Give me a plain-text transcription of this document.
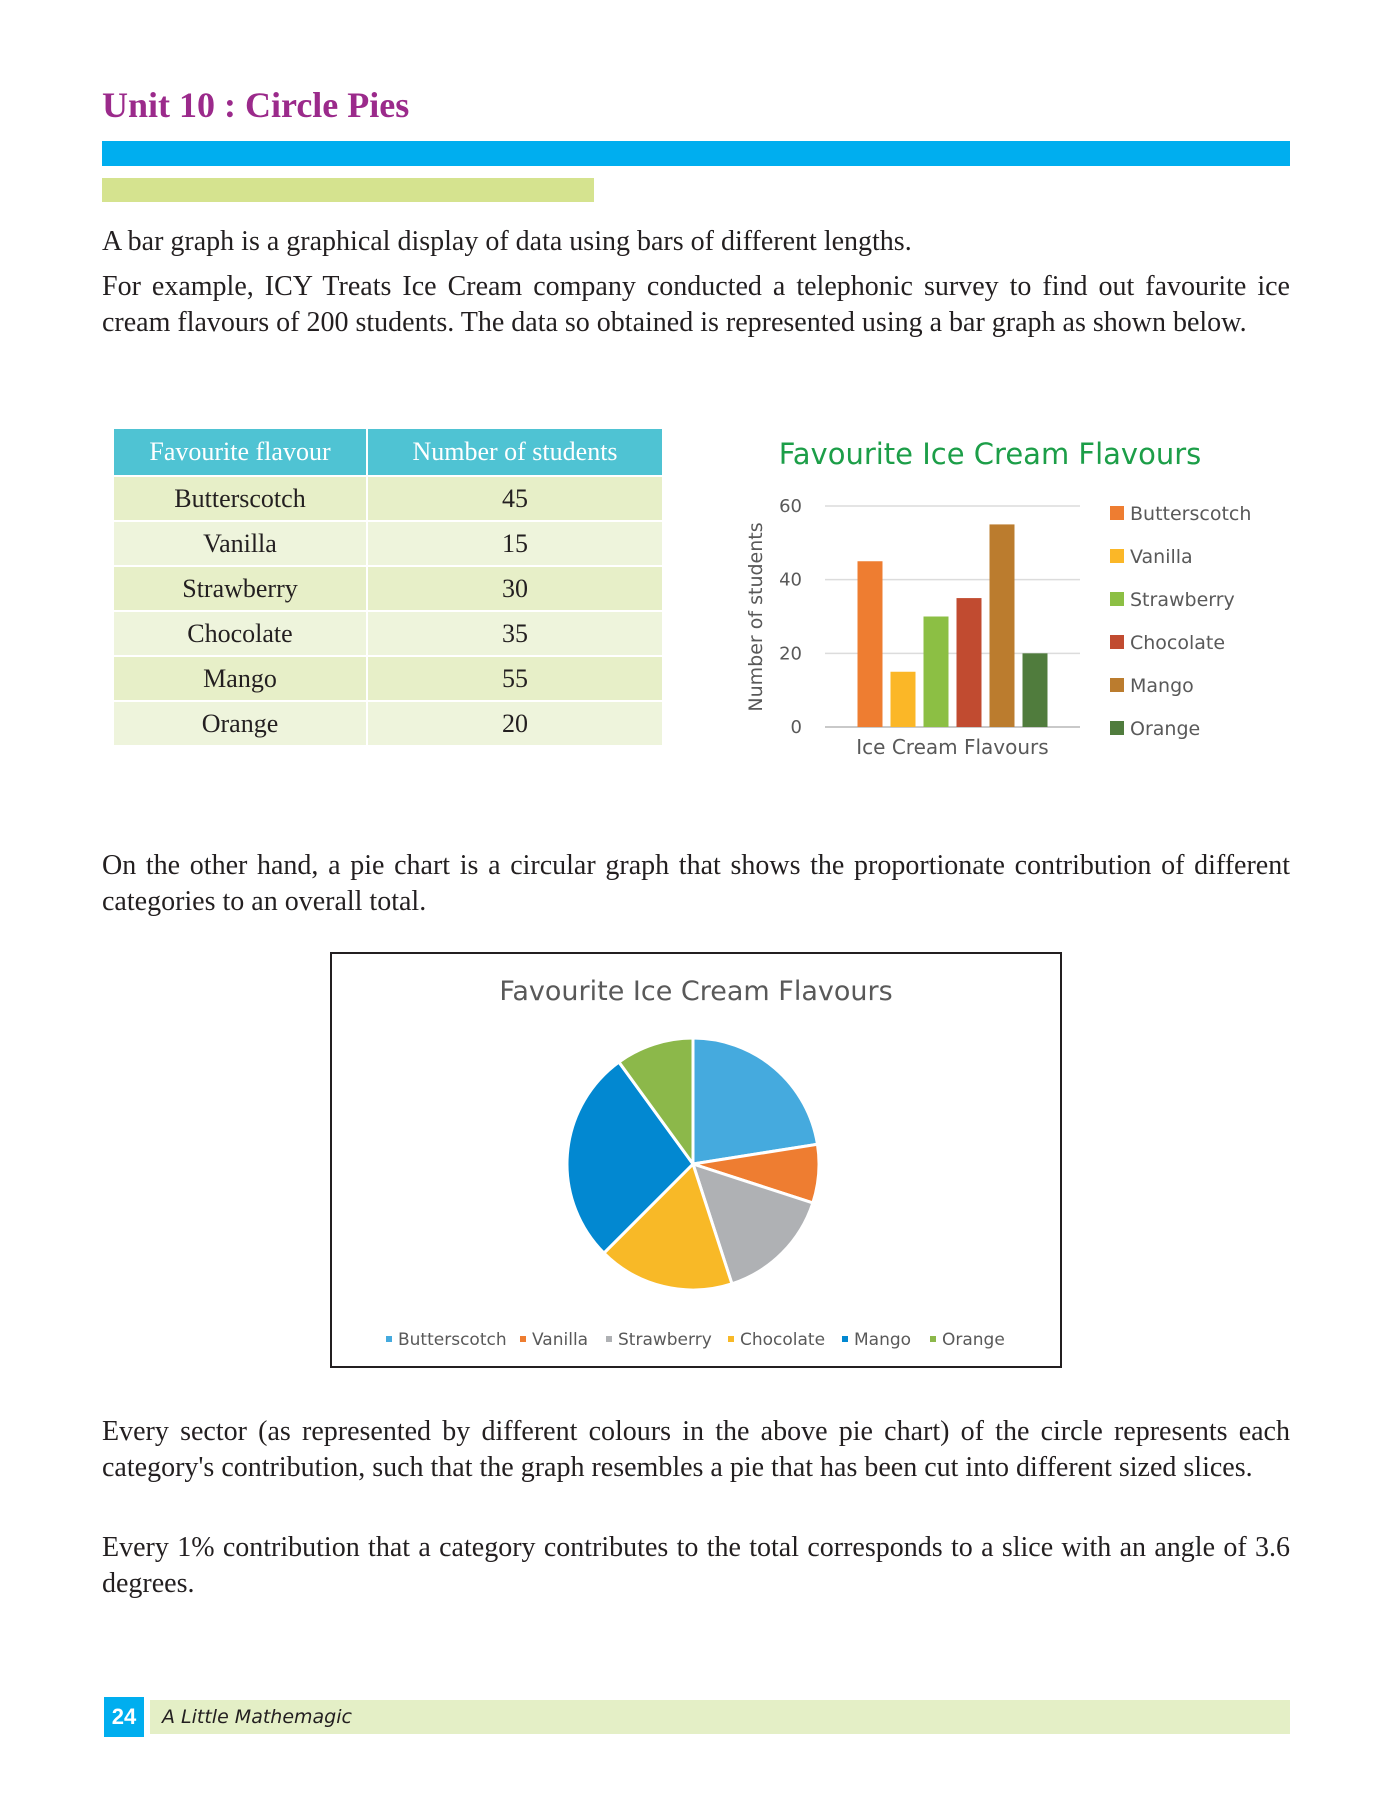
Unit 10 : Circle Pies

A bar graph is a graphical display of data using bars of different lengths.

For example, ICY Treats Ice Cream company conducted a telephonic survey to find out favourite ice cream flavours of 200 students. The data so obtained is represented using a bar graph as shown below.

Favourite flavour	Number of students
Butterscotch	45
Vanilla	15
Strawberry	30
Chocolate	35
Mango	55
Orange	20
Favourite Ice Cream Flavours
0
20
40
60
Number of students
Ice Cream Flavours
Butterscotch
Vanilla
Strawberry
Chocolate
Mango
Orange

On the other hand, a pie chart is a circular graph that shows the proportionate contribution of different categories to an overall total.

Favourite Ice Cream Flavours
Butterscotch Vanilla Strawberry Chocolate Mango Orange

Every sector (as represented by different colours in the above pie chart) of the circle represents each category's contribution, such that the graph resembles a pie that has been cut into different sized slices.

Every 1% contribution that a category contributes to the total corresponds to a slice with an angle of 3.6 degrees.

24	A Little Mathemagic
